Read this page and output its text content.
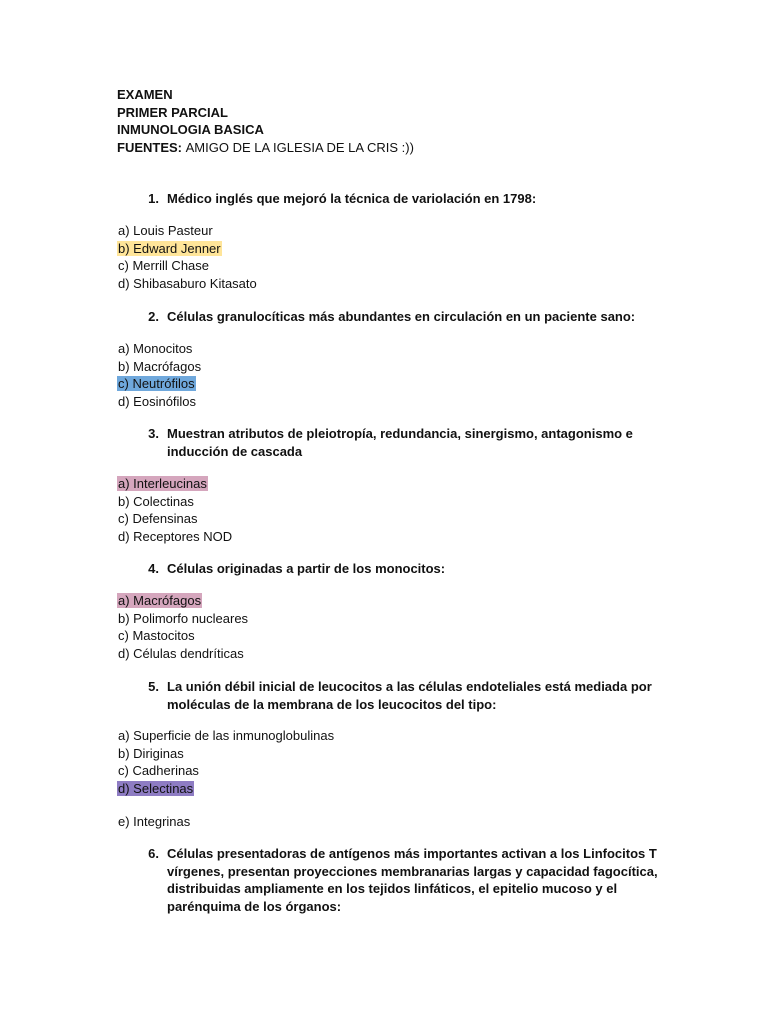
EXAMEN
PRIMER PARCIAL
INMUNOLOGIA BASICA
FUENTES: AMIGO DE LA IGLESIA DE LA CRIS :))
1. Médico inglés que mejoró la técnica de variolación en 1798:
a) Louis Pasteur
b) Edward Jenner
c) Merrill Chase
d) Shibasaburo Kitasato
2. Células granulocíticas más abundantes en circulación en un paciente sano:
a) Monocitos
b) Macrófagos
c) Neutrófilos
d) Eosinófilos
3. Muestran atributos de pleiotropía, redundancia, sinergismo, antagonismo e inducción de cascada
a) Interleucinas
b) Colectinas
c) Defensinas
d) Receptores NOD
4. Células originadas a partir de los monocitos:
a) Macrófagos
b) Polimorfo nucleares
c) Mastocitos
d) Células dendríticas
5. La unión débil inicial de leucocitos a las células endoteliales está mediada por moléculas de la membrana de los leucocitos del tipo:
a) Superficie de las inmunoglobulinas
b) Diriginas
c) Cadherinas
d) Selectinas
e) Integrinas
6. Células presentadoras de antígenos más importantes activan a los Linfocitos T vírgenes, presentan proyecciones membranarias largas y capacidad fagocítica, distribuidas ampliamente en los tejidos linfáticos, el epitelio mucoso y el parénquima de los órganos:
